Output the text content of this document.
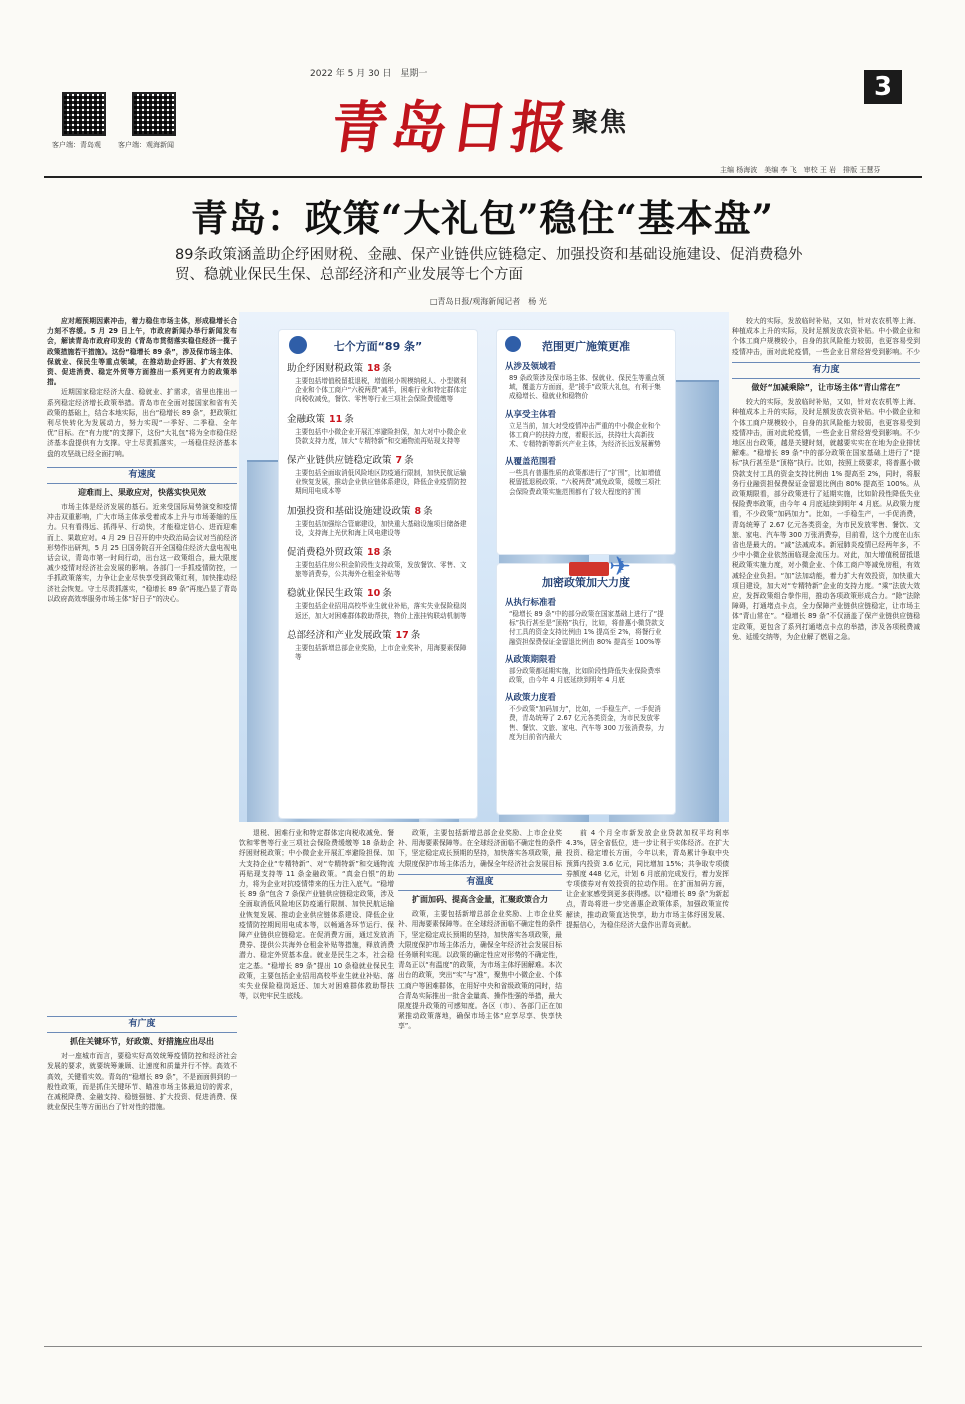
2022 年 5 月 30 日　星期一
客户端：青岛观 客户端：观海新闻	青岛日报
聚焦
3
主编 杨海波　美编 李 飞　审校 王 岩　排版 王慧芬
青岛：政策“大礼包”稳住“基本盘”
89条政策涵盖助企纾困财税、金融、保产业链供应链稳定、加强投资和基础设施建设、促消费稳外贸、稳就业保民生保、总部经济和产业发展等七个方面
□青岛日报/观海新闻记者　杨 光

应对超预期因素冲击，着力稳住市场主体，形成稳增长合力刻不容缓。5 月 29 日上午，市政府新闻办举行新闻发布会，解读青岛市政府印发的《青岛市贯彻落实稳住经济一揽子政策措施若干措施》。这份“稳增长 89 条”，涉及保市场主体、保就业、保民生等重点领域，在推动助企纾困、扩大有效投资、促进消费、稳定外贸等方面推出一系列更有力的政策举措。

近期国家稳定经济大盘、稳就业、扩需求，省里也推出一系列稳定经济增长政策举措。青岛市在全面对接国家和省有关政策的基础上，结合本地实际，出台“稳增长 89 条”，把政策红利尽快转化为发展动力，努力实现“一季好、二季稳、全年优”目标。在“有力度”的支撑下，这份“大礼包”将为全市稳住经济基本盘提供有力支撑。守土尽责抓落实，一场稳住经济基本盘的攻坚战已经全面打响。

有速度
迎难而上、果敢应对，快落实快见效

市场主体是经济发展的基石。近来受国际局势演变和疫情冲击双重影响，广大市场主体承受着成本上升与市场萎缩的压力。只有看得远、抓得早、行动快，才能稳定信心、进而迎难而上、果敢应对。4 月 29 日召开的中央政治局会议对当前经济形势作出研判，5 月 25 日国务院召开全国稳住经济大盘电视电话会议，青岛市第一时间行动，出台这一政策组合，最大限度减少疫情对经济社会发展的影响。各部门一手抓疫情防控，一手抓政策落实，力争让企业尽快享受到政策红利，加快推动经济社会恢复。守土尽责抓落实，“稳增长 89 条”再度凸显了青岛以政府高效率服务市场主体“好日子”的决心。

有广度
抓住关键环节，好政策、好措施应出尽出

对一座城市而言，要稳实好高效统筹疫情防控和经济社会发展的要求，就要统筹兼顾、让速度和质量并行不悖。高效不高效，关键看实效。青岛的“稳增长 89 条”，不是面面俱到的一般性政策，而是抓住关键环节、瞄准市场主体最迫切的需求，在减税降费、金融支持、稳链强链、扩大投资、促进消费、保就业保民生等方面出台了针对性的措施。

七个方面“89 条”
助企纾困财税政策 18 条
主要包括增值税留抵退税，增值税小规模纳税人、小型微利企业和个体工商户“六税两费”减半，困难行业和特定群体定向税收减免，餐饮、零售等行业三项社会保险费缓缴等
金融政策 11 条
主要包括中小微企业开展汇率避险担保，加大对中小微企业贷款支持力度，加大“专精特新”和交通物流再贴现支持等
保产业链供应链稳定政策 7 条
主要包括全面取消低风险地区防疫通行限制，加快民航运输业恢复发展，推动企业供应链体系建设，降低企业疫情防控期间用电成本等
加强投资和基础设施建设政策 8 条
主要包括加强综合管廊建设，加快重大基础设施项目储备建设，支持海上光伏和海上风电建设等
促消费稳外贸政策 18 条
主要包括住房公积金阶段性支持政策，发放餐饮、零售、文旅等消费券，公共海外仓租金补贴等
稳就业保民生政策 10 条
主要包括企业招用高校毕业生就业补贴，落实失业保险稳岗返还，加大对困难群体救助帮扶，物价上涨挂钩联动机制等
总部经济和产业发展政策 17 条
主要包括新增总部企业奖励，上市企业奖补，用海要素保障等
范围更广施策更准
从涉及领域看
89 条政策涉及保市场主体、保就业、保民生等重点领域，覆盖方方面面，是“援手”政策大礼包，有利于集成稳增长、稳就业和稳物价
从享受主体看
立足当前，加大对受疫情冲击严重的中小微企业和个体工商户的扶持力度，着眼长远，扶持壮大高新技术、专精特新等新兴产业主体，为经济长远发展蓄势
从覆盖范围看
一些具有普惠性质的政策都进行了“扩围”，比如增值税留抵退税政策、“六税两费”减免政策，缓缴三项社会保险费政策实施范围都有了较大程度的扩围
加密政策加大力度
从执行标准看
“稳增长 89 条”中的部分政策在国家基础上进行了“提标”执行甚至是“顶格”执行，比如，将普惠小微贷款支付工具的资金支持比例由 1% 提高至 2%，将餐行业融资担保费保证金留退比例由 80% 提高至 100%等
从政策期限看
部分政策都延期实施，比如阶段性降低失业保险费率政策，由今年 4 月底延续到明年 4 月底
从政策力度看
不少政策“加码加力”，比如，一手稳生产、一手促消费，青岛统筹了 2.67 亿元各类资金，为市民发放零售、餐饮、文旅、家电、汽车等 300 万张消费券，力度为目前省内最大
✈

退税、困难行业和特定群体定向税收减免、餐饮和零售等行业三项社会保险费缓缴等 18 条助企纾困财税政策；中小微企业开展汇率避险担保、加大支持企业“专精特新”、对“专精特新”和交通物流再贴现支持等 11 条金融政策。“真金白银”的助力，将为企业对抗疫情带来的压力注入底气。“稳增长 89 条”包含 7 条保产业链供应链稳定政策，涉及全面取消低风险地区防疫通行限制、加快民航运输业恢复发展、推动企业供应链体系建设、降低企业疫情防控期间用电成本等，以畅通各环节运行、保障产业链供应链稳定。在促消费方面，通过发放消费券、提供公共海外仓租金补贴等措施，释放消费潜力、稳定外贸基本盘。就业是民生之本，社会稳定之基。“稳增长 89 条”提出 10 条稳就业保民生政策，主要包括企业招用高校毕业生就业补贴、落实失业保险稳岗返还、加大对困难群体救助帮扶等，以兜牢民生底线。

政策，主要包括新增总部企业奖励、上市企业奖补、用海要素保障等。在全球经济面临不确定性的条件下，坚定稳定成长预期的坚持，加快落实各项政策，最大限度保护市场主体活力，确保全年经济社会发展目标

有温度
扩面加码、提高含金量，汇聚政策合力

政策，主要包括新增总部企业奖励、上市企业奖补、用海要素保障等。在全球经济面临不确定性的条件下，坚定稳定成长预期的坚持，加快落实各项政策，最大限度保护市场主体活力，确保全年经济社会发展目标任务顺利实现。以政策的确定性应对形势的不确定性，青岛正以“有温度”的政策，为市场主体纾困解难。本次出台的政策，突出“实”与“准”，聚焦中小微企业、个体工商户等困难群体，在用好中央和省级政策的同时，结合青岛实际推出一批含金量高、操作性强的举措，最大限度提升政策的可感知度。各区（市）、各部门正在加紧推动政策落地，确保市场主体“应享尽享、快享快享”。

前 4 个月全市新发放企业贷款加权平均利率 4.3%，居全省低位，进一步让利于实体经济。在扩大投资、稳定增长方面，今年以来，青岛累计争取中央预算内投资 3.6 亿元，同比增加 15%；共争取专项债券额度 448 亿元，计划 6 月底前完成发行，着力发挥专项债券对有效投资的拉动作用。在扩面加码方面，让企业家感受到更多获得感。以“稳增长 89 条”为新起点，青岛将进一步完善惠企政策体系，加强政策宣传解读，推动政策直达快享，助力市场主体纾困发展、提振信心，为稳住经济大盘作出青岛贡献。

较大的实际，发放临时补贴，又如，针对农农机等上海、种植成本上升的实际，及时足额发放农资补贴。中小微企业和个体工商户规模较小，自身的抗风险能力较弱，也更容易受到疫情冲击，面对此轮疫情，一些企业日常经营受到影响。不少

有力度
做好“加减乘除”，让市场主体“青山常在”

较大的实际，发放临时补贴，又如，针对农农机等上海、种植成本上升的实际，及时足额发放农资补贴。中小微企业和个体工商户规模较小，自身的抗风险能力较弱，也更容易受到疫情冲击，面对此轮疫情，一些企业日常经营受到影响。不少地区出台政策，越是关键时刻，就越要实实在在地为企业排忧解难。“稳增长 89 条”中的部分政策在国家基础上进行了“提标”执行甚至是“顶格”执行。比如，按照上级要求，将普惠小微贷款支付工具的资金支持比例由 1% 提高至 2%，同时，将服务行业融资担保费保证金留退比例由 80% 提高至 100%。从政策期限看，部分政策进行了延期实施，比如阶段性降低失业保险费率政策，由今年 4 月底延续到明年 4 月底。从政策力度看，不少政策“加码加力”。比如，一手稳生产，一手促消费，青岛统筹了 2.67 亿元各类资金，为市民发放零售、餐饮、文旅、家电、汽车等 300 万张消费券，目前看，这个力度在山东省也是最大的。“减”法减成本。新冠肺炎疫情已经两年多，不少中小微企业依然面临现金流压力。对此，加大增值税留抵退税政策实施力度，对小微企业、个体工商户等减免房租，有效减轻企业负担。“加”法加动能，着力扩大有效投资，加快重大项目建设，加大对“专精特新”企业的支持力度。“乘”法放大效应，发挥政策组合拳作用，推动各项政策形成合力。“除”法除障碍，打通堵点卡点，全力保障产业链供应链稳定，让市场主体“青山常在”。“稳增长 89 条”不仅涵盖了保产业链供应链稳定政策，更包含了系列打通堵点卡点的举措，涉及各项税费减免、延缓交纳等，为企业解了燃眉之急。
